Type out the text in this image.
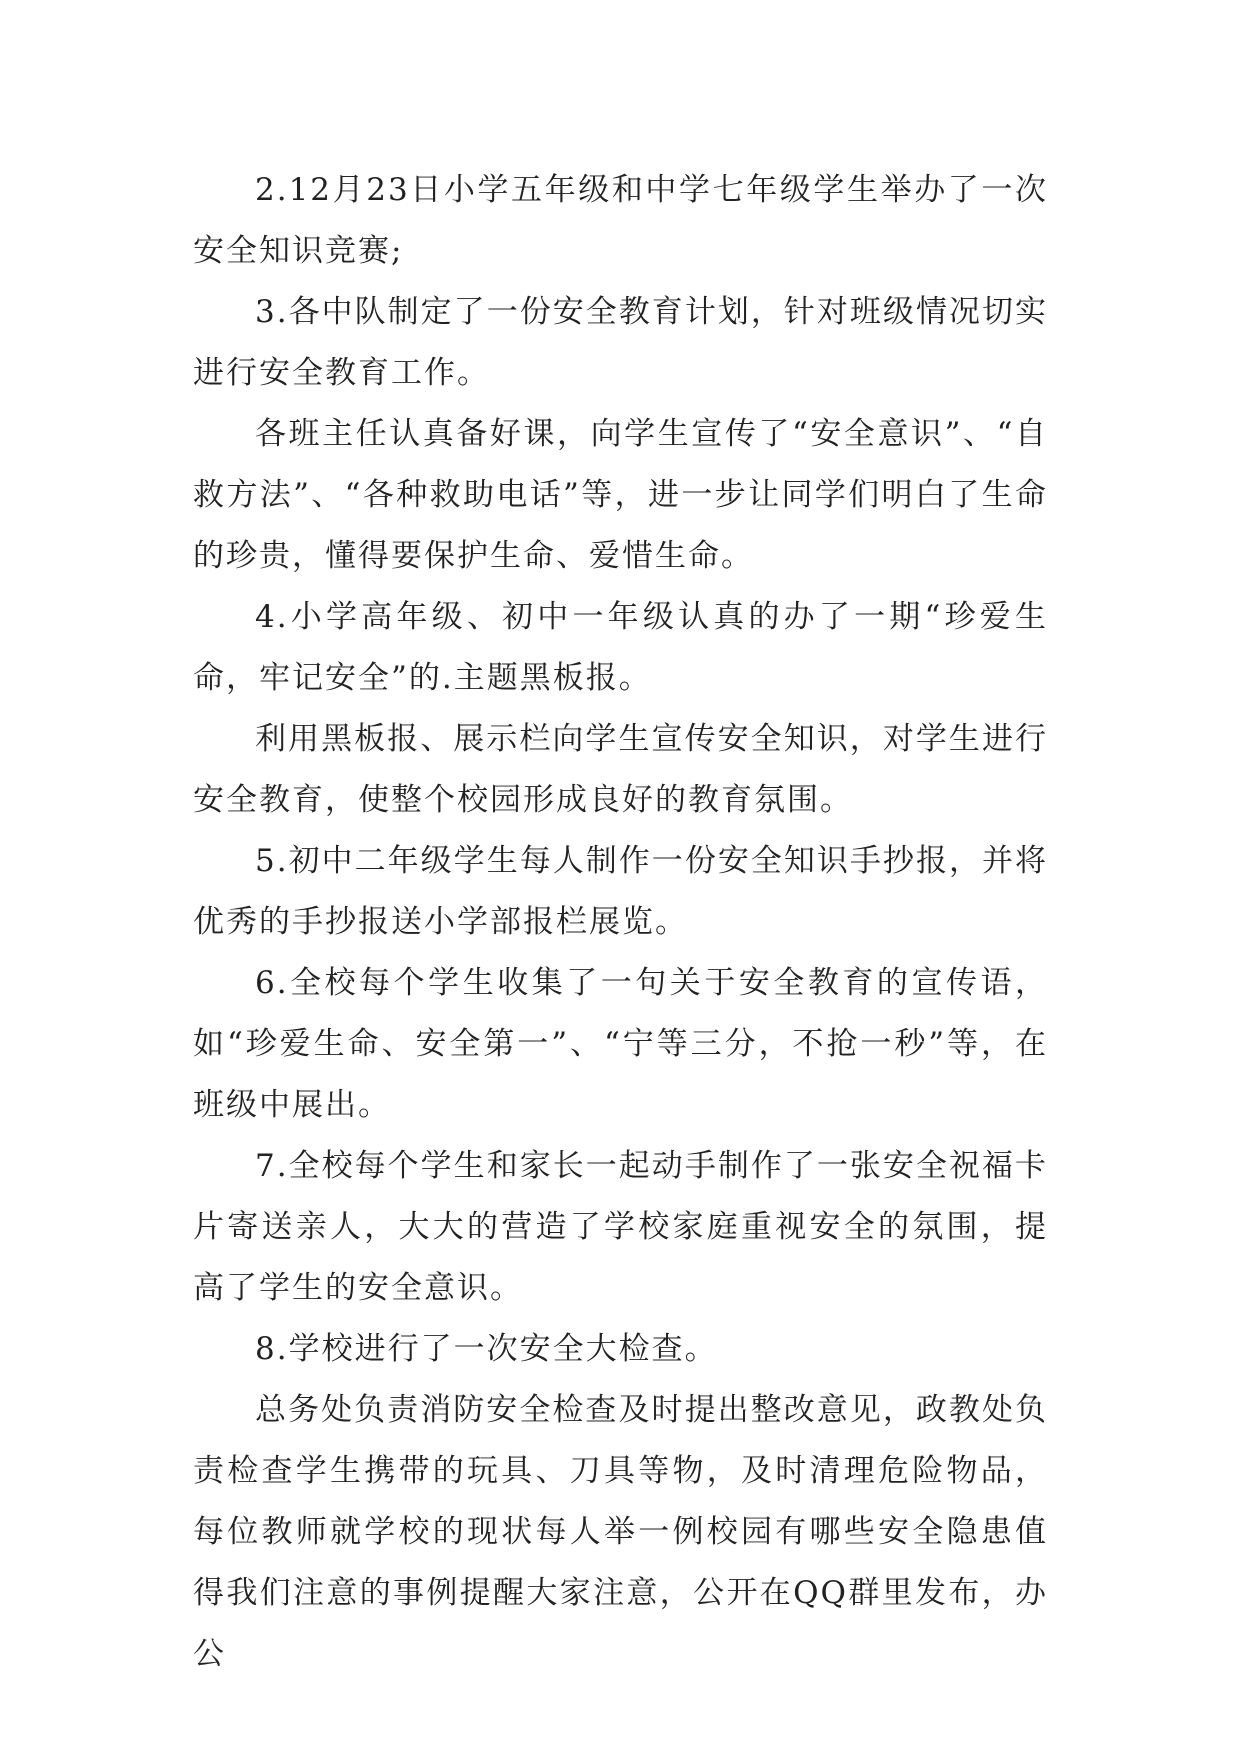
2.12月23日小学五年级和中学七年级学生举办了一次安全知识竞赛;

3.各中队制定了一份安全教育计划，针对班级情况切实进行安全教育工作。

各班主任认真备好课，向学生宣传了“安全意识”、“自救方法”、“各种救助电话”等，进一步让同学们明白了生命的珍贵，懂得要保护生命、爱惜生命。

4.小学高年级、初中一年级认真的办了一期“珍爱生命，牢记安全”的.主题黑板报。

利用黑板报、展示栏向学生宣传安全知识，对学生进行安全教育，使整个校园形成良好的教育氛围。

5.初中二年级学生每人制作一份安全知识手抄报，并将优秀的手抄报送小学部报栏展览。

6.全校每个学生收集了一句关于安全教育的宣传语，如“珍爱生命、安全第一”、“宁等三分，不抢一秒”等，在班级中展出。

7.全校每个学生和家长一起动手制作了一张安全祝福卡片寄送亲人，大大的营造了学校家庭重视安全的氛围，提高了学生的安全意识。

8.学校进行了一次安全大检查。

总务处负责消防安全检查及时提出整改意见，政教处负责检查学生携带的玩具、刀具等物，及时清理危险物品，每位教师就学校的现状每人举一例校园有哪些安全隐患值得我们注意的事例提醒大家注意，公开在QQ群里发布，办公
